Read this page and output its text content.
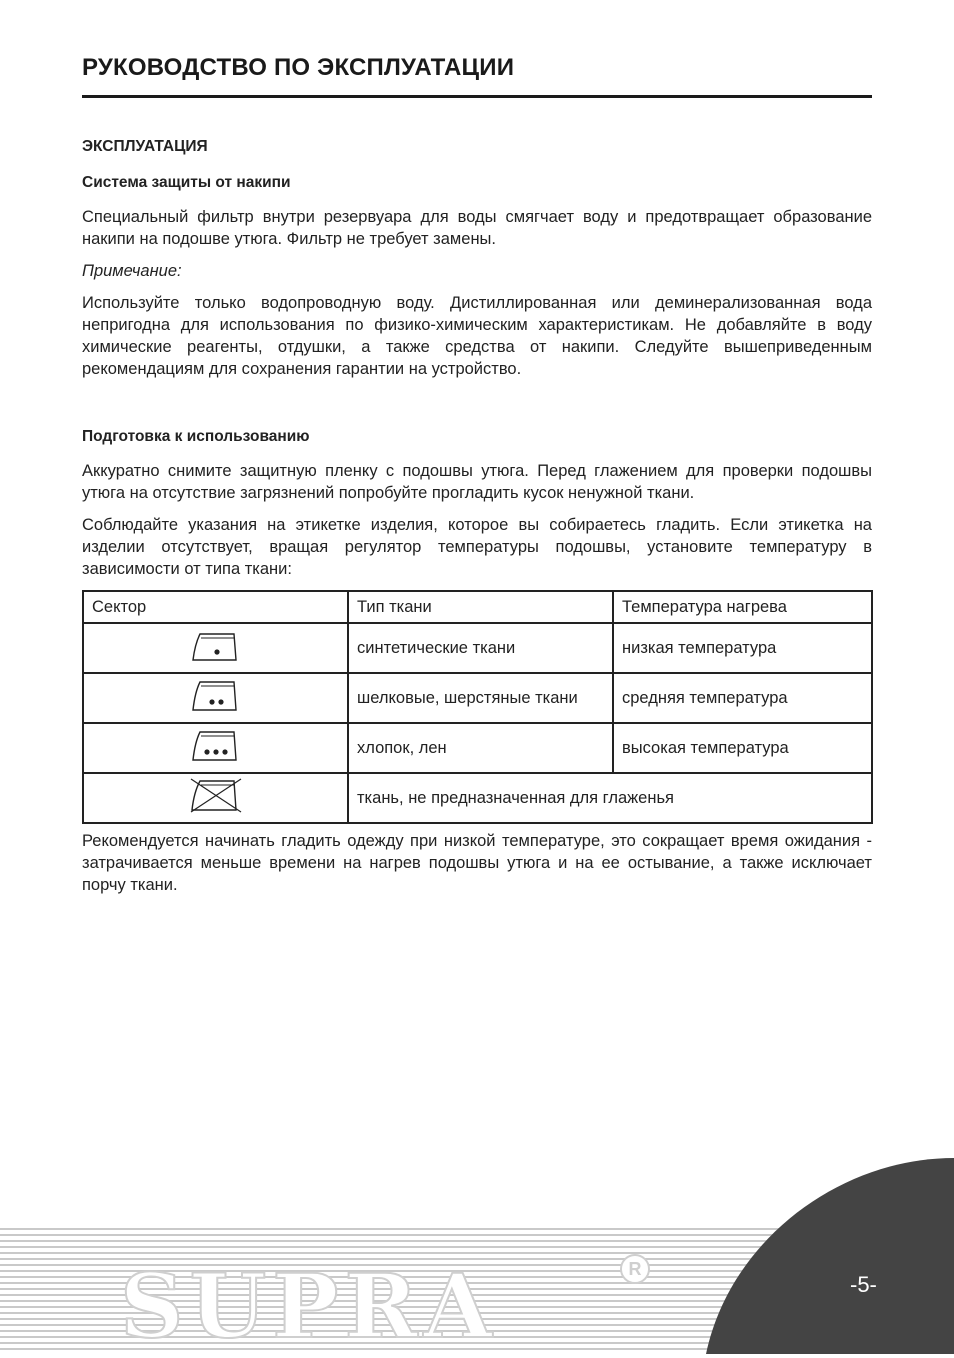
РУКОВОДСТВО ПО ЭКСПЛУАТАЦИИ
ЭКСПЛУАТАЦИЯ
Система защиты от накипи

Специальный фильтр внутри резервуара для воды смягчает воду и предотвращает образование накипи на подошве утюга. Фильтр не требует замены.

Примечание:

Используйте только водопроводную воду. Дистиллированная или деминерализованная вода непригодна для использования по физико-химическим характеристикам. Не добавляйте в воду химические реагенты, отдушки, а также средства от накипи. Следуйте вышеприведенным рекомендациям для сохранения гарантии на устройство.

Подготовка к использованию

Аккуратно снимите защитную пленку с подошвы утюга. Перед глажением для проверки подошвы утюга на отсутствие загрязнений попробуйте прогладить кусок ненужной ткани.

Соблюдайте указания на этикетке изделия, которое вы собираетесь гладить. Если этикетка на изделии отсутствует, вращая регулятор температуры подошвы, установите температуру в зависимости от типа ткани:

Сектор	Тип ткани	Температура нагрева
	синтетические ткани	низкая температура
	шелковые, шерстяные ткани	средняя температура
	хлопок, лен	высокая температура
	ткань, не предназначенная для глаженья	

Рекомендуется начинать гладить одежду при низкой температуре, это сокращает время ожидания - затрачивается меньше времени на нагрев подошвы утюга и на ее остывание, а также исключает порчу ткани.

SUPRA	R
-5-
